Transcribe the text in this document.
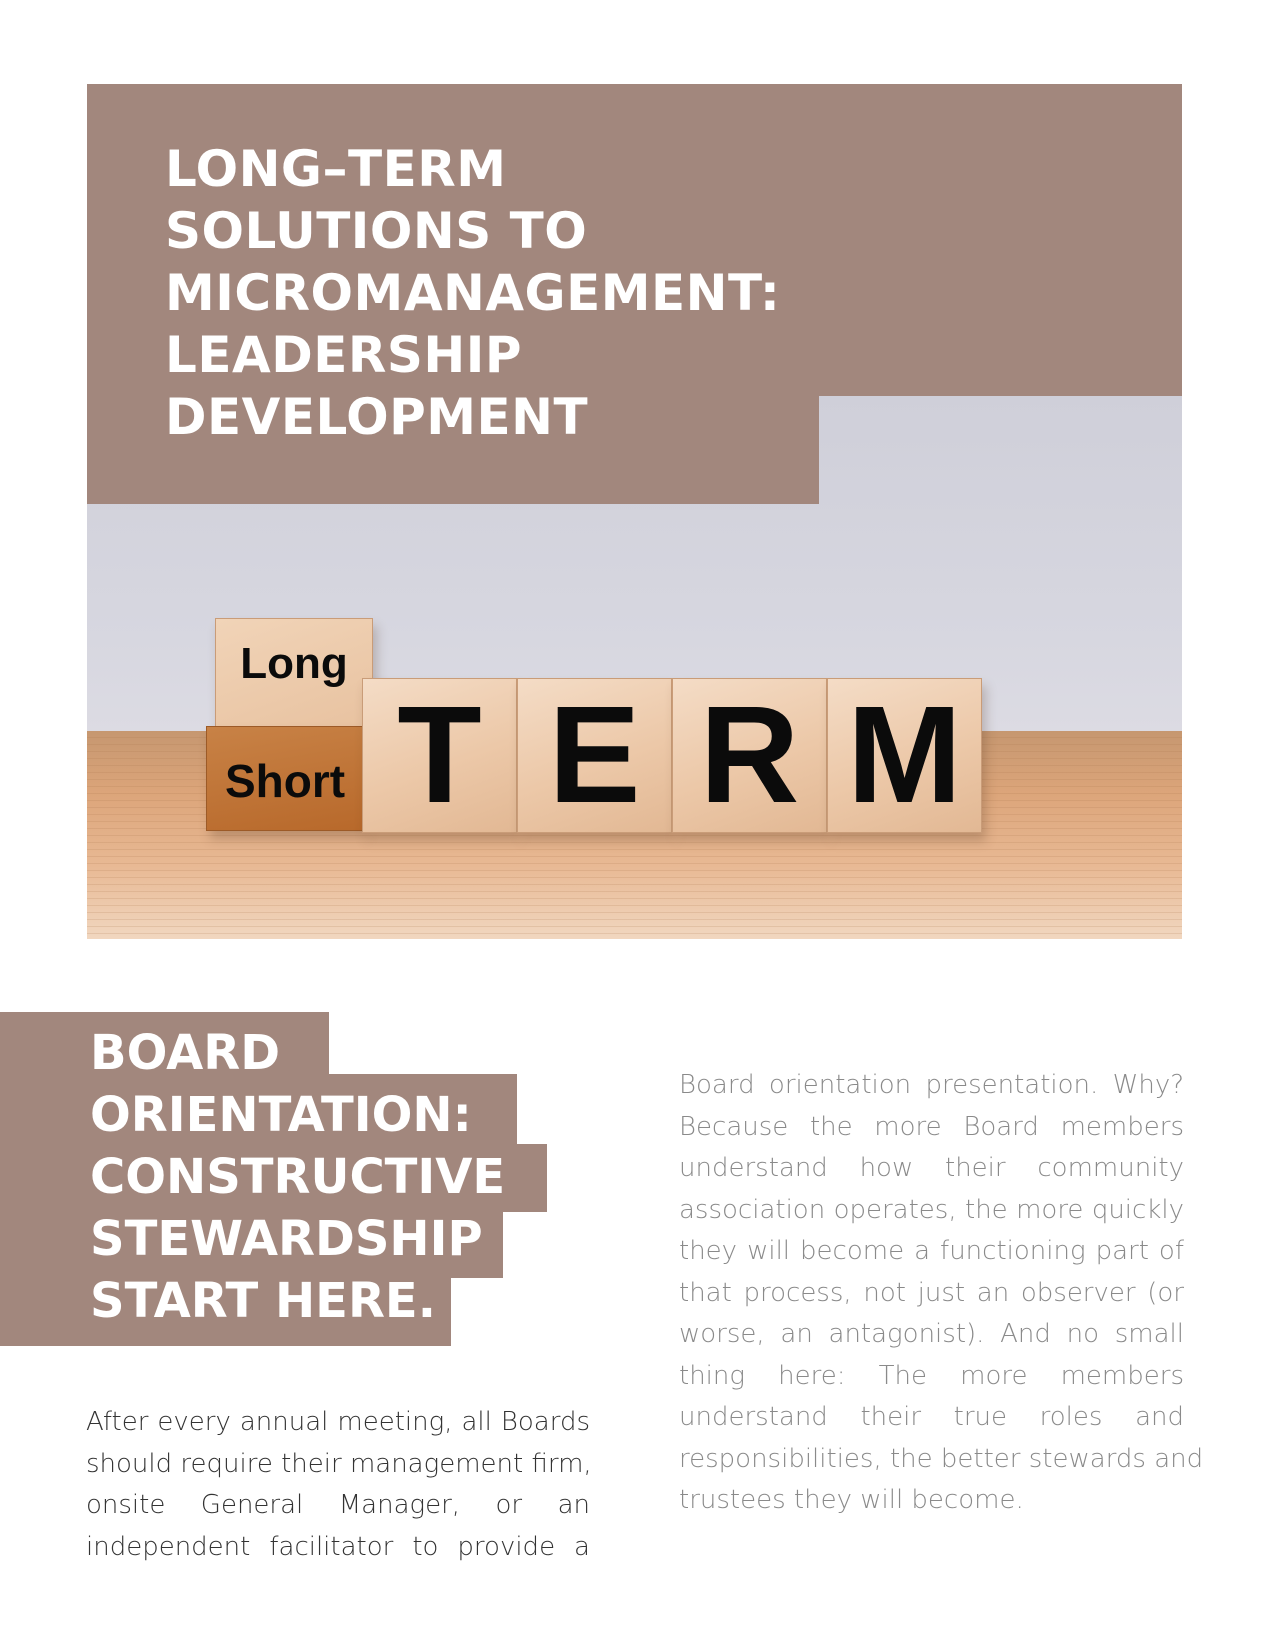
Long
Short T E R M
LONG–TERM
SOLUTIONS TO
MICROMANAGEMENT:
LEADERSHIP
DEVELOPMENT
BOARD
ORIENTATION:
CONSTRUCTIVE
STEWARDSHIP
START HERE.

After every annual meeting, all Boards
should require their management firm,
onsite General Manager, or an
independent facilitator to provide a

Board orientation presentation. Why?
Because the more Board members
understand how their community
association operates, the more quickly
they will become a functioning part of
that process, not just an observer (or
worse, an antagonist). And no small
thing here: The more members
understand their true roles and
responsibilities, the better stewards and
trustees they will become.
